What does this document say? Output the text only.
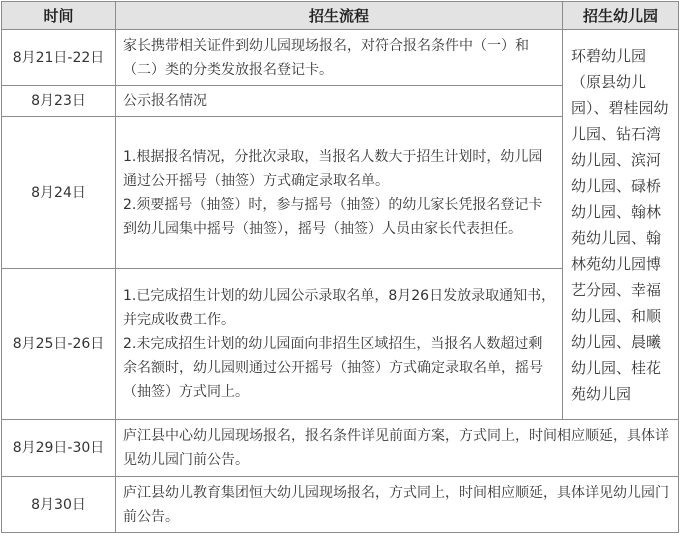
时间	招生流程	招生幼儿园
8月21日-22日	家长携带相关证件到幼儿园现场报名，对符合报名条件中（一）和（二）类的分类发放报名登记卡。	环碧幼儿园（原县幼儿园）、碧桂园幼儿园、钻石湾幼儿园、滨河幼儿园、碌桥幼儿园、翰林苑幼儿园、翰林苑幼儿园博艺分园、幸福幼儿园、和顺幼儿园、晨曦幼儿园、桂花苑幼儿园
8月23日	公示报名情况	

8月24日	1.根据报名情况，分批次录取，当报名人数大于招生计划时，幼儿园通过公开摇号（抽签）方式确定录取名单。
2.须要摇号（抽签）时，参与摇号（抽签）的幼儿家长凭报名登记卡到幼儿园集中摇号（抽签），摇号（抽签）人员由家长代表担任。	

8月25日-26日	1.已完成招生计划的幼儿园公示录取名单，8月26日发放录取通知书，并完成收费工作。
2.未完成招生计划的幼儿园面向非招生区域招生，当报名人数超过剩余名额时，幼儿园则通过公开摇号（抽签）方式确定录取名单，摇号（抽签）方式同上。	

8月29日-30日	庐江县中心幼儿园现场报名，报名条件详见前面方案，方式同上，时间相应顺延，具体详见幼儿园门前公告。	

8月30日	庐江县幼儿教育集团恒大幼儿园现场报名，方式同上，时间相应顺延，具体详见幼儿园门前公告。	
